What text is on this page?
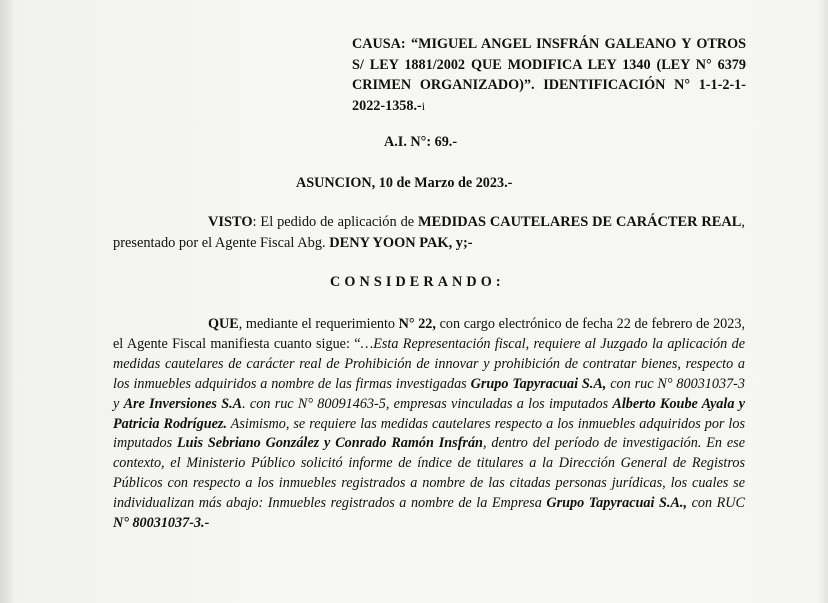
CAUSA: “MIGUEL ANGEL INSFRÁN GALEANO Y OTROS S/ LEY 1881/2002 QUE MODIFICA LEY 1340 (LEY N° 6379 CRIMEN ORGANIZADO)”. IDENTIFICACIÓN N° 1-1-2-1-2022-1358.-i
A.I. N°: 69.-
ASUNCION, 10 de Marzo de 2023.-
VISTO: El pedido de aplicación de MEDIDAS CAUTELARES DE CARÁCTER REAL, presentado por el Agente Fiscal Abg. DENY YOON PAK, y;-
CONSIDERANDO:
QUE, mediante el requerimiento N° 22, con cargo electrónico de fecha 22 de febrero de 2023, el Agente Fiscal manifiesta cuanto sigue: “…Esta Representación fiscal, requiere al Juzgado la aplicación de medidas cautelares de carácter real de Prohibición de innovar y prohibición de contratar bienes, respecto a los inmuebles adquiridos a nombre de las firmas investigadas Grupo Tapyracuai S.A, con ruc N° 80031037-3 y Are Inversiones S.A. con ruc N° 80091463-5, empresas vinculadas a los imputados Alberto Koube Ayala y Patricia Rodríguez. Asimismo, se requiere las medidas cautelares respecto a los inmuebles adquiridos por los imputados Luis Sebriano González y Conrado Ramón Insfrán, dentro del período de investigación. En ese contexto, el Ministerio Público solicitó informe de índice de titulares a la Dirección General de Registros Públicos con respecto a los inmuebles registrados a nombre de las citadas personas jurídicas, los cuales se individualizan más abajo: Inmuebles registrados a nombre de la Empresa Grupo Tapyracuai S.A., con RUC N° 80031037-3.-
